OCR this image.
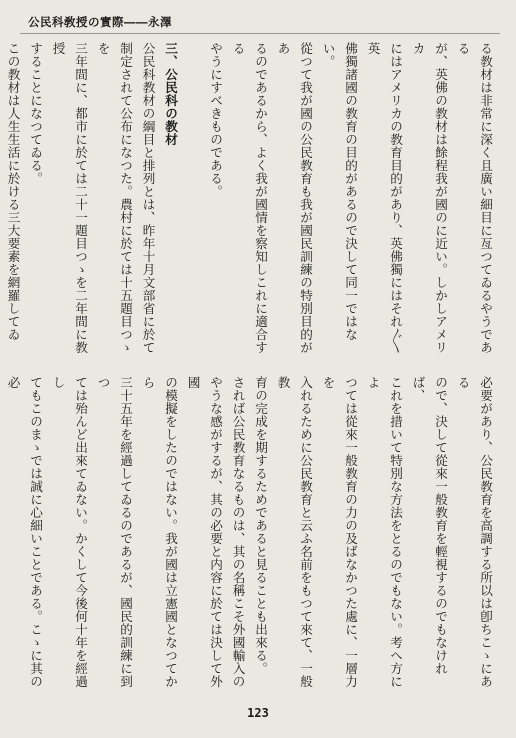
公民科敎授の實際――永澤
る教材は非常に深く且廣い細目に亙つてゐるやうである
が、英佛の教材は餘程我が國のに近い。しかしアメリカ
にはアメリカの教育目的があり、英佛獨にはそれ〴〵英
佛獨諸國の教育の目的があるので決して同一ではない。
從つて我が國の公民教育も我が國民訓練の特別目的があ
るのであるから、よく我が國情を察知しこれに適合する
やうにすべきものである。

三、公民科の教材
公民科教材の綱目と排列とは、昨年十月文部省に於て
制定されて公布になつた。農村に於ては十五題目つゝを
三年間に、都市に於ては二十一題目つゝを二年間に教授
することになつてゐる。
この教材は人生生活に於ける三大要素を網羅してゐ
必要があり、公民教育を高調する所以は卽ちこゝにある
ので、決して從來一般教育を輕視するのでもなければ、
これを措いて特別な方法をとるのでもない。考へ方によ
つては從來一般教育の力の及ばなかつた處に、一層力を
入れるために公民教育と云ふ名前をもつて來て、一般教
育の完成を期するためであると見ることも出來る。
されば公民教育なるものは、其の名稱こそ外國輸入の
やうな感がするが、其の必要と内容に於ては決して外國
の模擬をしたのではない。我が國は立憲國となつてから
三十五年を經過してゐるのであるが、國民的訓練に到つ
ては殆んど出來てゐない。かくして今後何十年を經過し
てもこのまゝでは誠に心細いことである。こゝに其の必
123
